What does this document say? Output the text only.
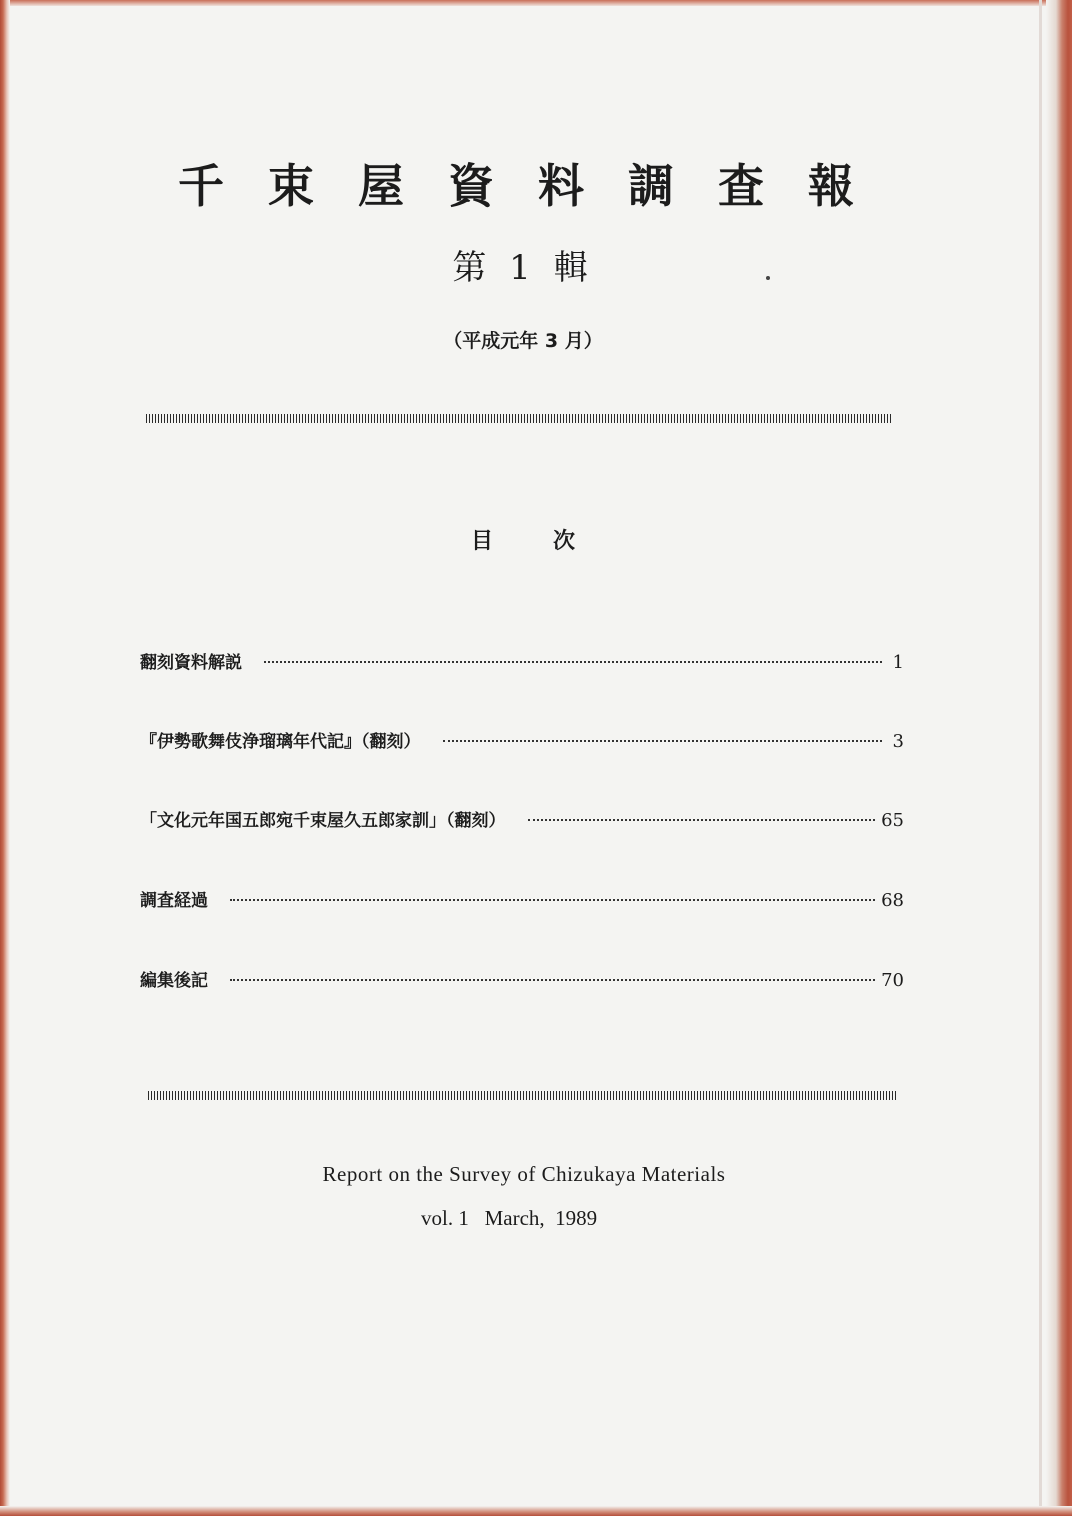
千 束 屋 資 料 調 査 報
第 1 輯
（平成元年 3 月）
目次
翻刻資料解説	1
『伊勢歌舞伎浄瑠璃年代記』（翻刻）	3
「文化元年国五郎宛千束屋久五郎家訓」（翻刻）	65
調査経過	68
編集後記	70
Report on the Survey of Chizukaya Materials
vol. 1   March,  1989
